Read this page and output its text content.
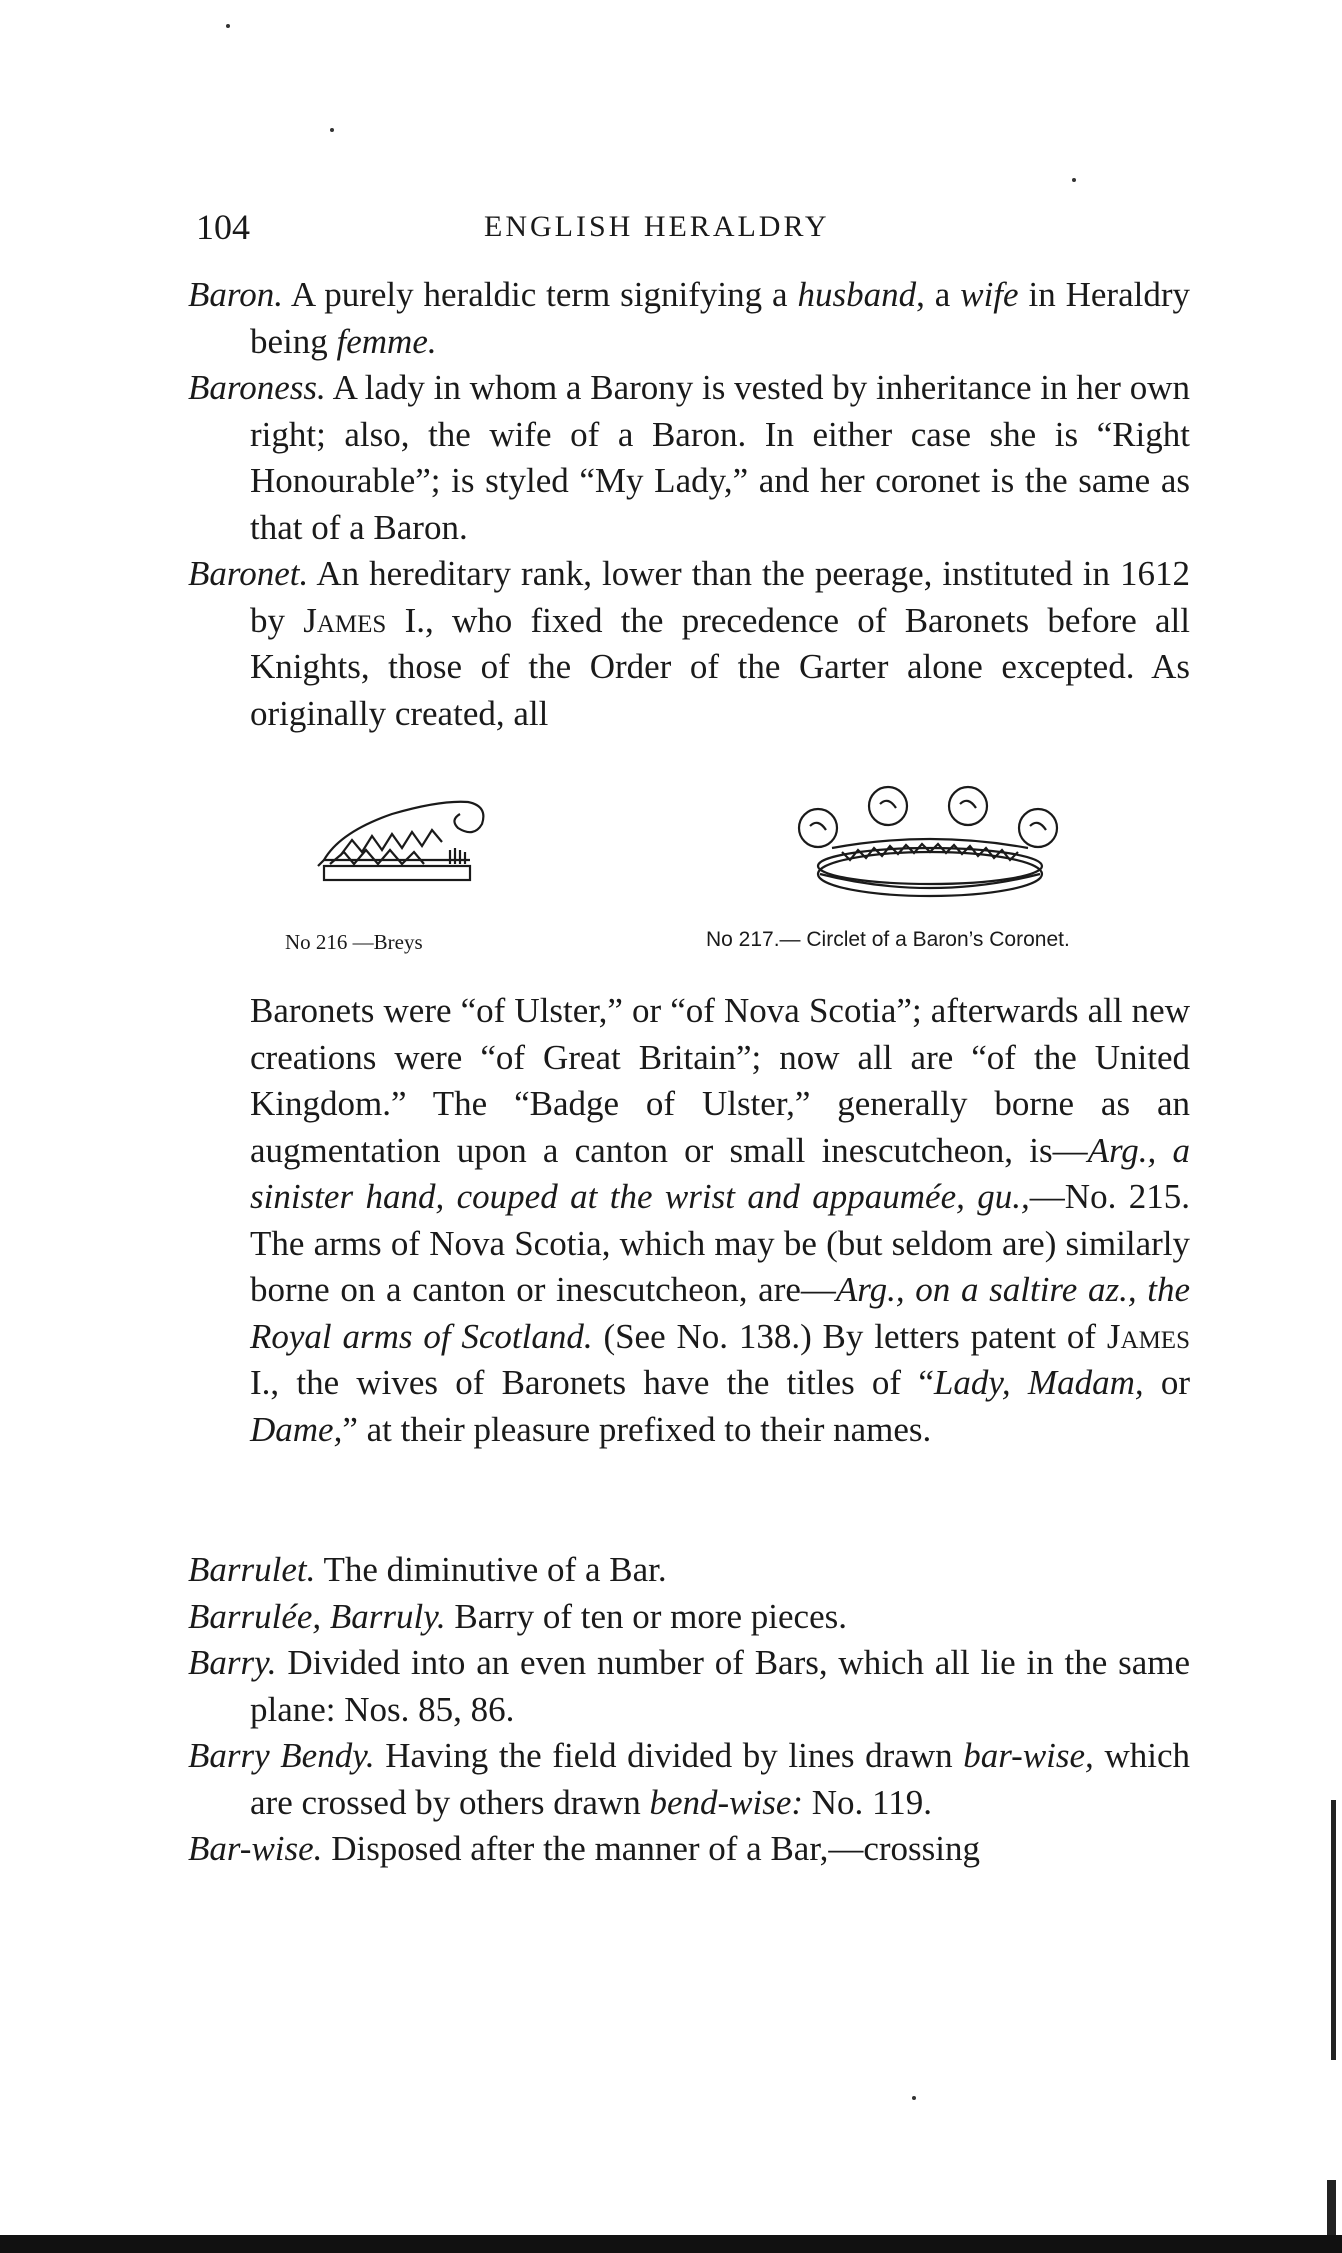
104	ENGLISH HERALDRY

Baron. A purely heraldic term signifying a husband, a wife in Heraldry being femme.

Baroness. A lady in whom a Barony is vested by inheritance in her own right; also, the wife of a Baron. In either case she is “Right Honourable”; is styled “My Lady,” and her coronet is the same as that of a Baron.

Baronet. An hereditary rank, lower than the peerage, instituted in 1612 by James I., who fixed the precedence of Baronets before all Knights, those of the Order of the Garter alone excepted. As originally created, all

No 216 —Breys	No 217.— Circlet of a Baron’s Coronet.

Baronets were “of Ulster,” or “of Nova Scotia”; afterwards all new creations were “of Great Britain”; now all are “of the United Kingdom.” The “Badge of Ulster,” generally borne as an augmentation upon a canton or small inescutcheon, is—Arg., a sinister hand, couped at the wrist and appaumée, gu.,—No. 215. The arms of Nova Scotia, which may be (but seldom are) similarly borne on a canton or inescutcheon, are—Arg., on a saltire az., the Royal arms of Scotland. (See No. 138.) By letters patent of James I., the wives of Baronets have the titles of “Lady, Madam, or Dame,” at their pleasure prefixed to their names.

Barrulet. The diminutive of a Bar.

Barrulée, Barruly. Barry of ten or more pieces.

Barry. Divided into an even number of Bars, which all lie in the same plane: Nos. 85, 86.

Barry Bendy. Having the field divided by lines drawn bar-wise, which are crossed by others drawn bend-wise: No. 119.

Bar-wise. Disposed after the manner of a Bar,—crossing
